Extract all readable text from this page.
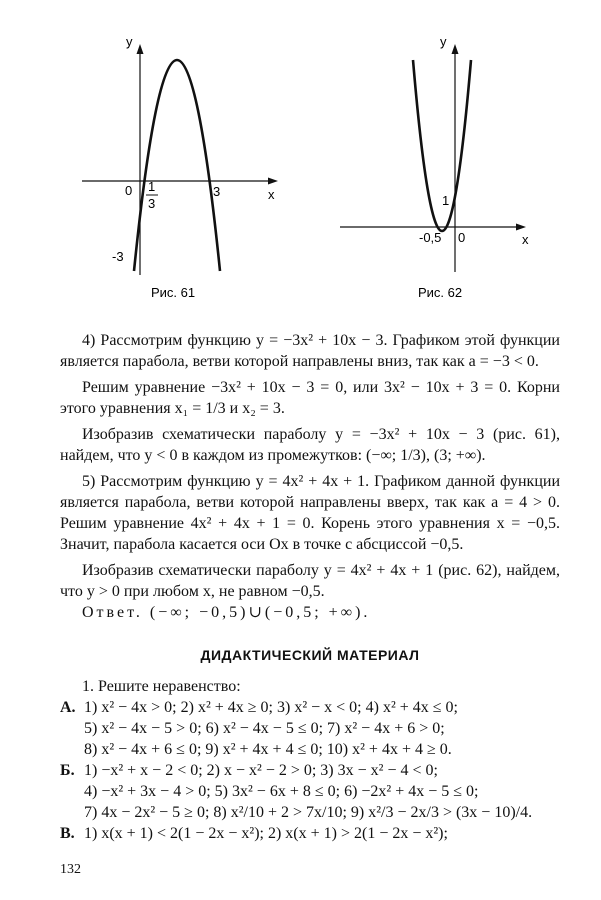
y
x
0 1
3
3
-3
Рис. 61
y
x
0
-0,5
1
Рис. 62

4) Рассмотрим функцию y = −3x² + 10x − 3. Графиком этой функции является парабола, ветви которой направлены вниз, так как a = −3 < 0.

Решим уравнение −3x² + 10x − 3 = 0, или 3x² − 10x + 3 = 0. Корни этого уравнения x₁ = 1/3 и x₂ = 3.

Изобразив схематически параболу y = −3x² + 10x − 3 (рис. 61), найдем, что y < 0 в каждом из промежутков: (−∞; 1/3), (3; +∞).

5) Рассмотрим функцию y = 4x² + 4x + 1. Графиком данной функции является парабола, ветви которой направлены вверх, так как a = 4 > 0. Решим уравнение 4x² + 4x + 1 = 0. Корень этого уравнения x = −0,5. Значит, парабола касается оси Ox в точке с абсциссой −0,5.

Изобразив схематически параболу y = 4x² + 4x + 1 (рис. 62), найдем, что y > 0 при любом x, не равном −0,5.

Ответ. (−∞; −0,5)∪(−0,5; +∞).

ДИДАКТИЧЕСКИЙ МАТЕРИАЛ

1. Решите неравенство:

А. 1) x² − 4x > 0; 2) x² + 4x ≥ 0; 3) x² − x < 0; 4) x² + 4x ≤ 0;

5) x² − 4x − 5 > 0; 6) x² − 4x − 5 ≤ 0; 7) x² − 4x + 6 > 0;

8) x² − 4x + 6 ≤ 0; 9) x² + 4x + 4 ≤ 0; 10) x² + 4x + 4 ≥ 0.

Б. 1) −x² + x − 2 < 0; 2) x − x² − 2 > 0; 3) 3x − x² − 4 < 0;

4) −x² + 3x − 4 > 0; 5) 3x² − 6x + 8 ≤ 0; 6) −2x² + 4x − 5 ≤ 0;

7) 4x − 2x² − 5 ≥ 0; 8) x²/10 + 2 > 7x/10; 9) x²/3 − 2x/3 > (3x − 10)/4.

В. 1) x(x + 1) < 2(1 − 2x − x²); 2) x(x + 1) > 2(1 − 2x − x²);

132
